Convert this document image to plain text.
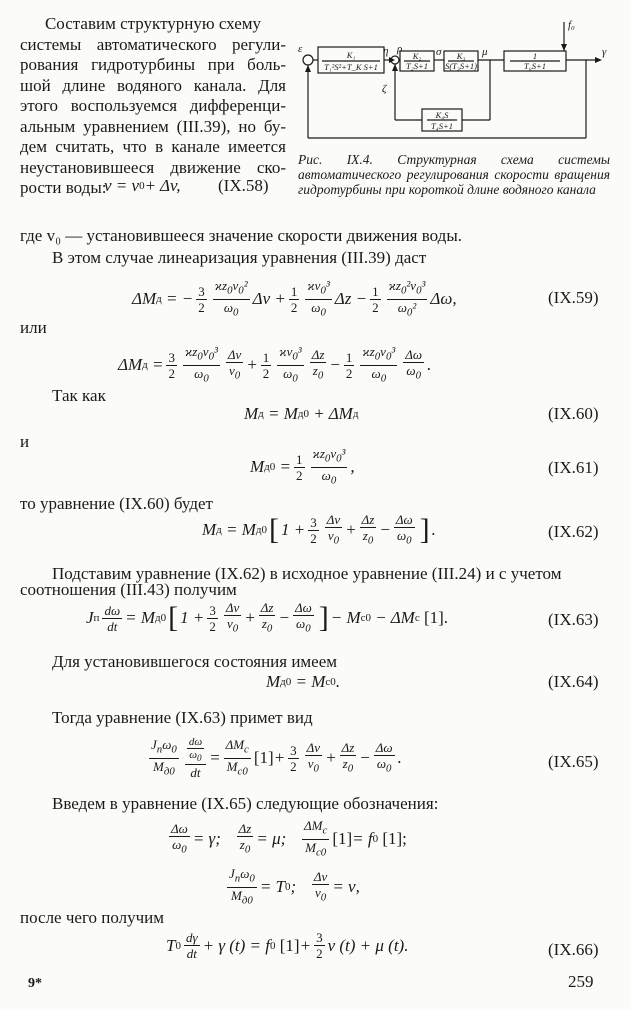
Составим структурную схему
системы автоматического регули-
рования гидротурбины при боль-
шой длине водяного канала. Для
этого воспользуемся дифференци-
альным уравнением (III.39), но бу-
дем считать, что в канале имеется
неустановившееся движение ско-
рости воды:
v = v 0 + Δv, (IX.58)
ε	η ρ	σ	μ
ζ
γ
f₀
K₁
T₁²S²+T_K S+1
K₂
T₂S+1
K₃
S(T₃S+1)
1
T₀S+1
K₄S
T₄S+1
Рис. IX.4. Структурная схема системы автоматического регулирования скорости вращения гидротурбины при короткой длине водяного канала
где v₀ — установившееся значение скорости движения воды.
В этом случае линеаризация уравнения (III.39) даст
ΔM д = − $\frac{3}{2} \frac{ϰz_0v_0^2}{\omega_0}$ $\Delta v + \frac{1}{2} \frac{ϰv_0^3}{\omega_0}$ $\Delta z - \frac{1}{2} \frac{ϰz_0^2v_0^3}{\omega_0^2} \Delta\omega$,	(IX.59)
или
ΔM $д = \frac{3}{2} \frac{ϰz_0v_0^3}{\omega_0} \frac{\Delta v}{v_0} + \frac{1}{2} \frac{ϰv_0^3}{\omega_0} \frac{\Delta z}{z_0} - \frac{1}{2} \frac{ϰz_0v_0^3}{\omega_0} \frac{\Delta\omega}{\omega_0}$ .
Так как
M д = M д0 + ΔM д	(IX.60)
и
M $д0 = \frac{1}{2} \frac{ϰz_0v_0^3}{\omega_0}$ ,	(IX.61)
то уравнение (IX.60) будет
M д = M д0 [ $1 + \frac{3}{2} \frac{\Delta v}{v_0} + \frac{\Delta z}{z_0} - \frac{\Delta\omega}{\omega_0}$ ] .	(IX.62)
Подставим уравнение (IX.62) в исходное уравнение (III.24) и с учетом
соотношения (III.43) получим
J п $\frac{d\omega}{dt} = M$ д0 [ $1 + \frac{3}{2} \frac{\Delta v}{v_0} + \frac{\Delta z}{z_0} - \frac{\Delta\omega}{\omega_0}$ ] − M с0 − ΔM с
[1].	(IX.63)
Для установившегося состояния имеем
M д0 = M с0 .	(IX.64)
Тогда уравнение (IX.63) примет вид
$\frac{J_п\omega_0}{M_{д0}} \frac{\frac{d\omega}{\omega_0}}{dt} = \frac{\Delta M_с}{M_{с0}} [1] + \frac{3}{2} \frac{\Delta v}{v_0} + \frac{\Delta z}{z_0} - \frac{\Delta\omega}{\omega_0}$ .	(IX.65)
Введем в уравнение (IX.65) следующие обозначения:
$\frac{\Delta\omega}{\omega_0} = \gamma$; $\frac{\Delta z}{z_0} = \mu$; $\frac{\Delta M_с}{M_{с0}} [1] = f$ 0
[1];
$\frac{J_п\omega_0}{M_{д0}} = T$ 0 ; $\frac{\Delta v}{v_0} = \nu$,
после чего получим
T $0 \frac{d\gamma}{dt} + \gamma$ (t) = f 0
$[1] + \frac{3}{2}$ ν (t) + μ (t).	(IX.66)
9*	259
